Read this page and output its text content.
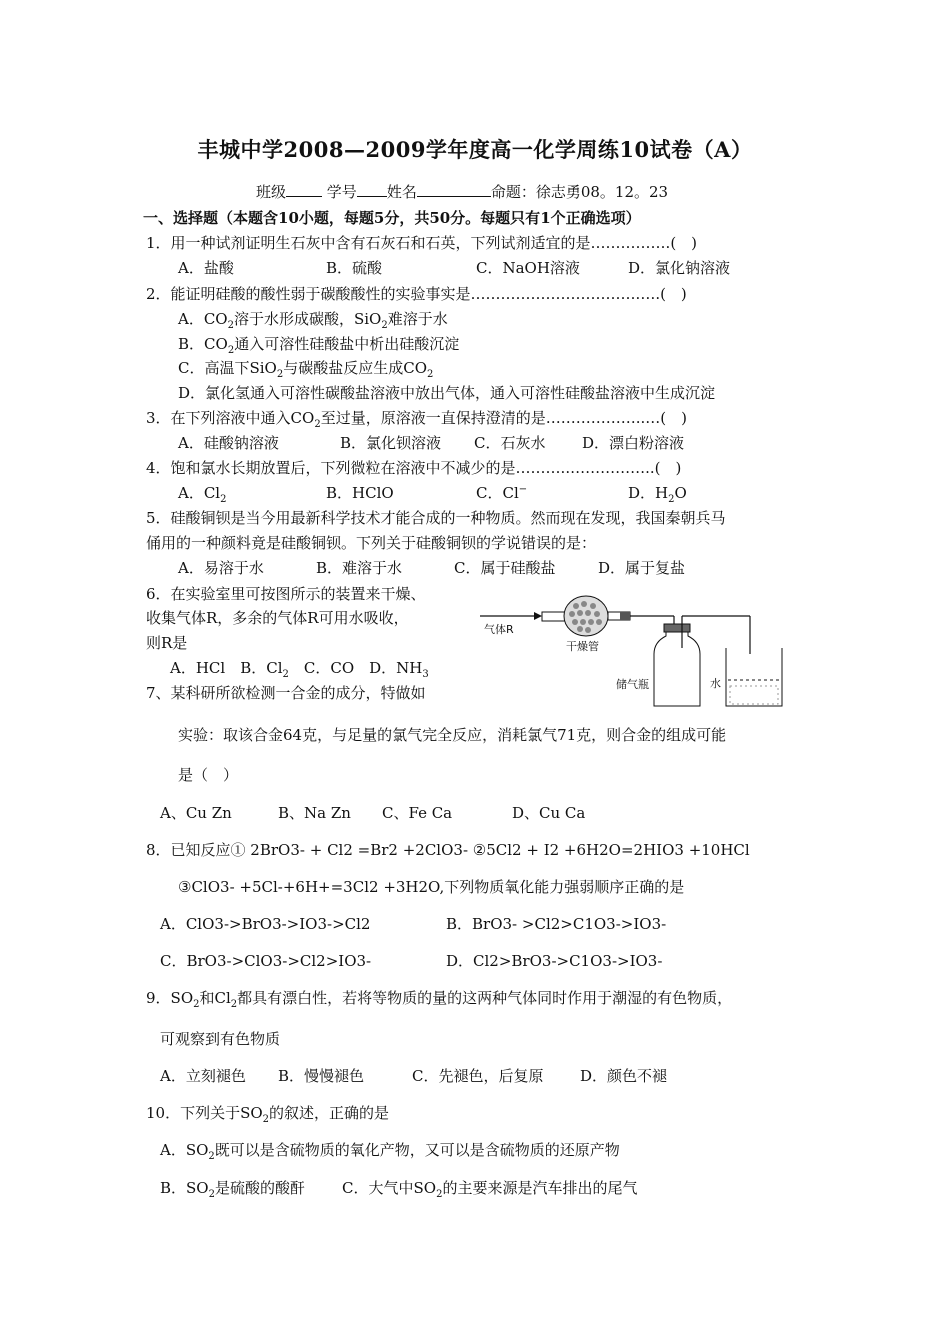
丰城中学2008—2009学年度高一化学周练10试卷（A）
班级	学号 姓名	命题：徐志勇08。12。23
一、选择题（本题含10小题，每题5分，共50分。每题只有1个正确选项）
1．用一种试剂证明生石灰中含有石灰石和石英，下列试剂适宜的是…………….(　)
A．盐酸	B．硫酸	C．NaOH溶液	D．氯化钠溶液
2．能证明硅酸的酸性弱于碳酸酸性的实验事实是…………………………….….(　)
A．$CO_2$溶于水形成碳酸，SiO$_2$难溶于水
B．$CO_2$通入可溶性硅酸盐中析出硅酸沉淀
C．高温下SiO$_2$与碳酸盐反应生成$CO_2$
D．氯化氢通入可溶性碳酸盐溶液中放出气体，通入可溶性硅酸盐溶液中生成沉淀
3．在下列溶液中通入$CO_2$至过量，原溶液一直保持澄清的是………………..…(　)
A．硅酸钠溶液	B．氯化钡溶液 C．石灰水 D．漂白粉溶液
4．饱和氯水长期放置后，下列微粒在溶液中不减少的是………..……………..(　)
A．$Cl_2$	B．HClO	C．Cl−	D．$H_2O$
5．硅酸铜钡是当今用最新科学技术才能合成的一种物质。然而现在发现，我国秦朝兵马
俑用的一种颜料竟是硅酸铜钡。下列关于硅酸铜钡的学说错误的是：
A．易溶于水	B．难溶于水	C．属于硅酸盐	D．属于复盐
6．在实验室里可按图所示的装置来干燥、
收集气体R，多余的气体R可用水吸收，
则R是
A．HCl　B．$Cl_2$　C．CO　D．$NH_3$
气体R
干燥管
储气瓶	水
7、某科研所欲检测一合金的成分，特做如
实验：取该合金64克，与足量的氯气完全反应，消耗氯气71克，则合金的组成可能
是（　）
A、Cu Zn	B、Na Zn C、Fe Ca	D、Cu Ca
8．已知反应① 2BrO3- + Cl2 =Br2 +2ClO3- ②5Cl2 + I2 +6H2O=2HIO3 +10HCl
③ClO3- +5Cl-+6H+=3Cl2 +3H2O,下列物质氧化能力强弱顺序正确的是
A．ClO3->BrO3->IO3->Cl2	B．BrO3- >Cl2>C1O3->IO3-
C．BrO3->ClO3->Cl2>IO3-	D．Cl2>BrO3->C1O3->IO3-
9．$SO_2$和$Cl_2$都具有漂白性，若将等物质的量的这两种气体同时作用于潮湿的有色物质，
可观察到有色物质
A．立刻褪色 B．慢慢褪色	C．先褪色，后复原 D．颜色不褪
10．下列关于$SO_2$的叙述，正确的是
A．$SO_2$既可以是含硫物质的氧化产物，又可以是含硫物质的还原产物
B．$SO_2$是硫酸的酸酐 C．大气中$SO_2$的主要来源是汽车排出的尾气
